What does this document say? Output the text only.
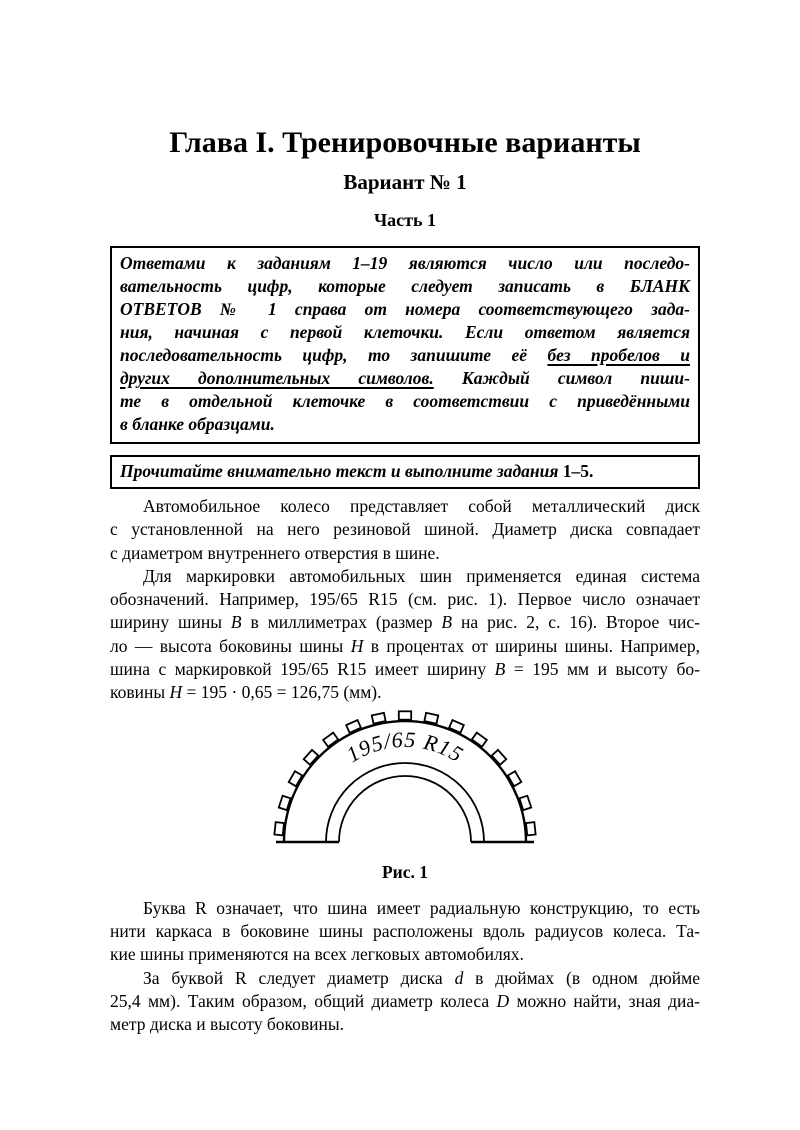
Глава I. Тренировочные варианты
Вариант № 1
Часть 1
Ответами к заданиям 1–19 являются число или последо-
вательность цифр, которые следует записать в БЛАНК
ОТВЕТОВ № 1 справа от номера соответствующего зада-
ния, начиная с первой клеточки. Если ответом является
последовательность цифр, то запишите её без пробелов и
других дополнительных символов. Каждый символ пиши-
те в отдельной клеточке в соответствии с приведёнными
в бланке образцами.
Прочитайте внимательно текст и выполните задания 1–5.
Автомобильное колесо представляет собой металлический диск
с установленной на него резиновой шиной. Диаметр диска совпадает
с диаметром внутреннего отверстия в шине.
Для маркировки автомобильных шин применяется единая система
обозначений. Например, 195/65 R15 (см. рис. 1). Первое число означает
ширину шины B в миллиметрах (размер B на рис. 2, с. 16). Второе чис-
ло — высота боковины шины H в процентах от ширины шины. Например,
шина с маркировкой 195/65 R15 имеет ширину B = 195 мм и высоту бо-
ковины H = 195 · 0,65 = 126,75 (мм).
195/65 R15
Рис. 1
Буква R означает, что шина имеет радиальную конструкцию, то есть
нити каркаса в боковине шины расположены вдоль радиусов колеса. Та-
кие шины применяются на всех легковых автомобилях.
За буквой R следует диаметр диска d в дюймах (в одном дюйме
25,4 мм). Таким образом, общий диаметр колеса D можно найти, зная диа-
метр диска и высоту боковины.
